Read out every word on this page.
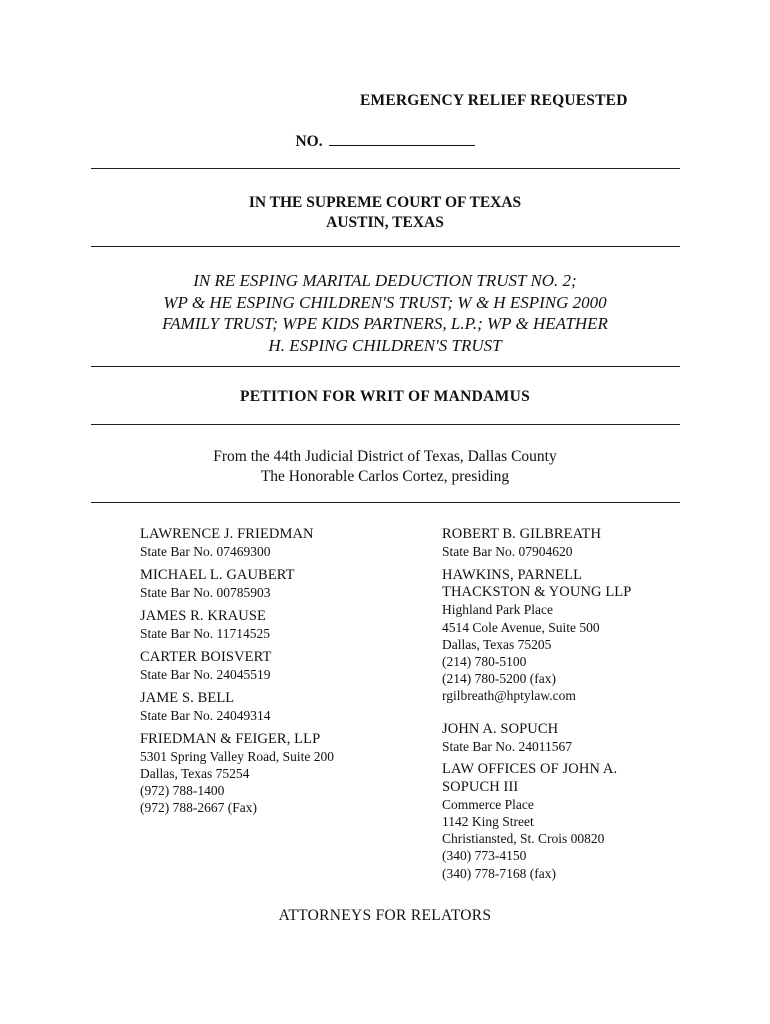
EMERGENCY RELIEF REQUESTED
NO.
IN THE SUPREME COURT OF TEXAS
AUSTIN, TEXAS
IN RE ESPING MARITAL DEDUCTION TRUST NO. 2;
WP & HE ESPING CHILDREN'S TRUST; W & H ESPING 2000
FAMILY TRUST; WPE KIDS PARTNERS, L.P.; WP & HEATHER
H. ESPING CHILDREN'S TRUST
PETITION FOR WRIT OF MANDAMUS
From the 44th Judicial District of Texas, Dallas County
The Honorable Carlos Cortez, presiding
LAWRENCE J. FRIEDMAN
State Bar No. 07469300
MICHAEL L. GAUBERT
State Bar No. 00785903
JAMES R. KRAUSE
State Bar No. 11714525
CARTER BOISVERT
State Bar No. 24045519
JAME S. BELL
State Bar No. 24049314
FRIEDMAN & FEIGER, LLP
5301 Spring Valley Road, Suite 200
Dallas, Texas 75254
(972) 788-1400
(972) 788-2667 (Fax)
ROBERT B. GILBREATH
State Bar No. 07904620
HAWKINS, PARNELL
THACKSTON & YOUNG LLP
Highland Park Place
4514 Cole Avenue, Suite 500
Dallas, Texas 75205
(214) 780-5100
(214) 780-5200 (fax)
rgilbreath@hptylaw.com
JOHN A. SOPUCH
State Bar No. 24011567
LAW OFFICES OF JOHN A.
SOPUCH III
Commerce Place
1142 King Street
Christiansted, St. Crois 00820
(340) 773-4150
(340) 778-7168 (fax)
ATTORNEYS FOR RELATORS
